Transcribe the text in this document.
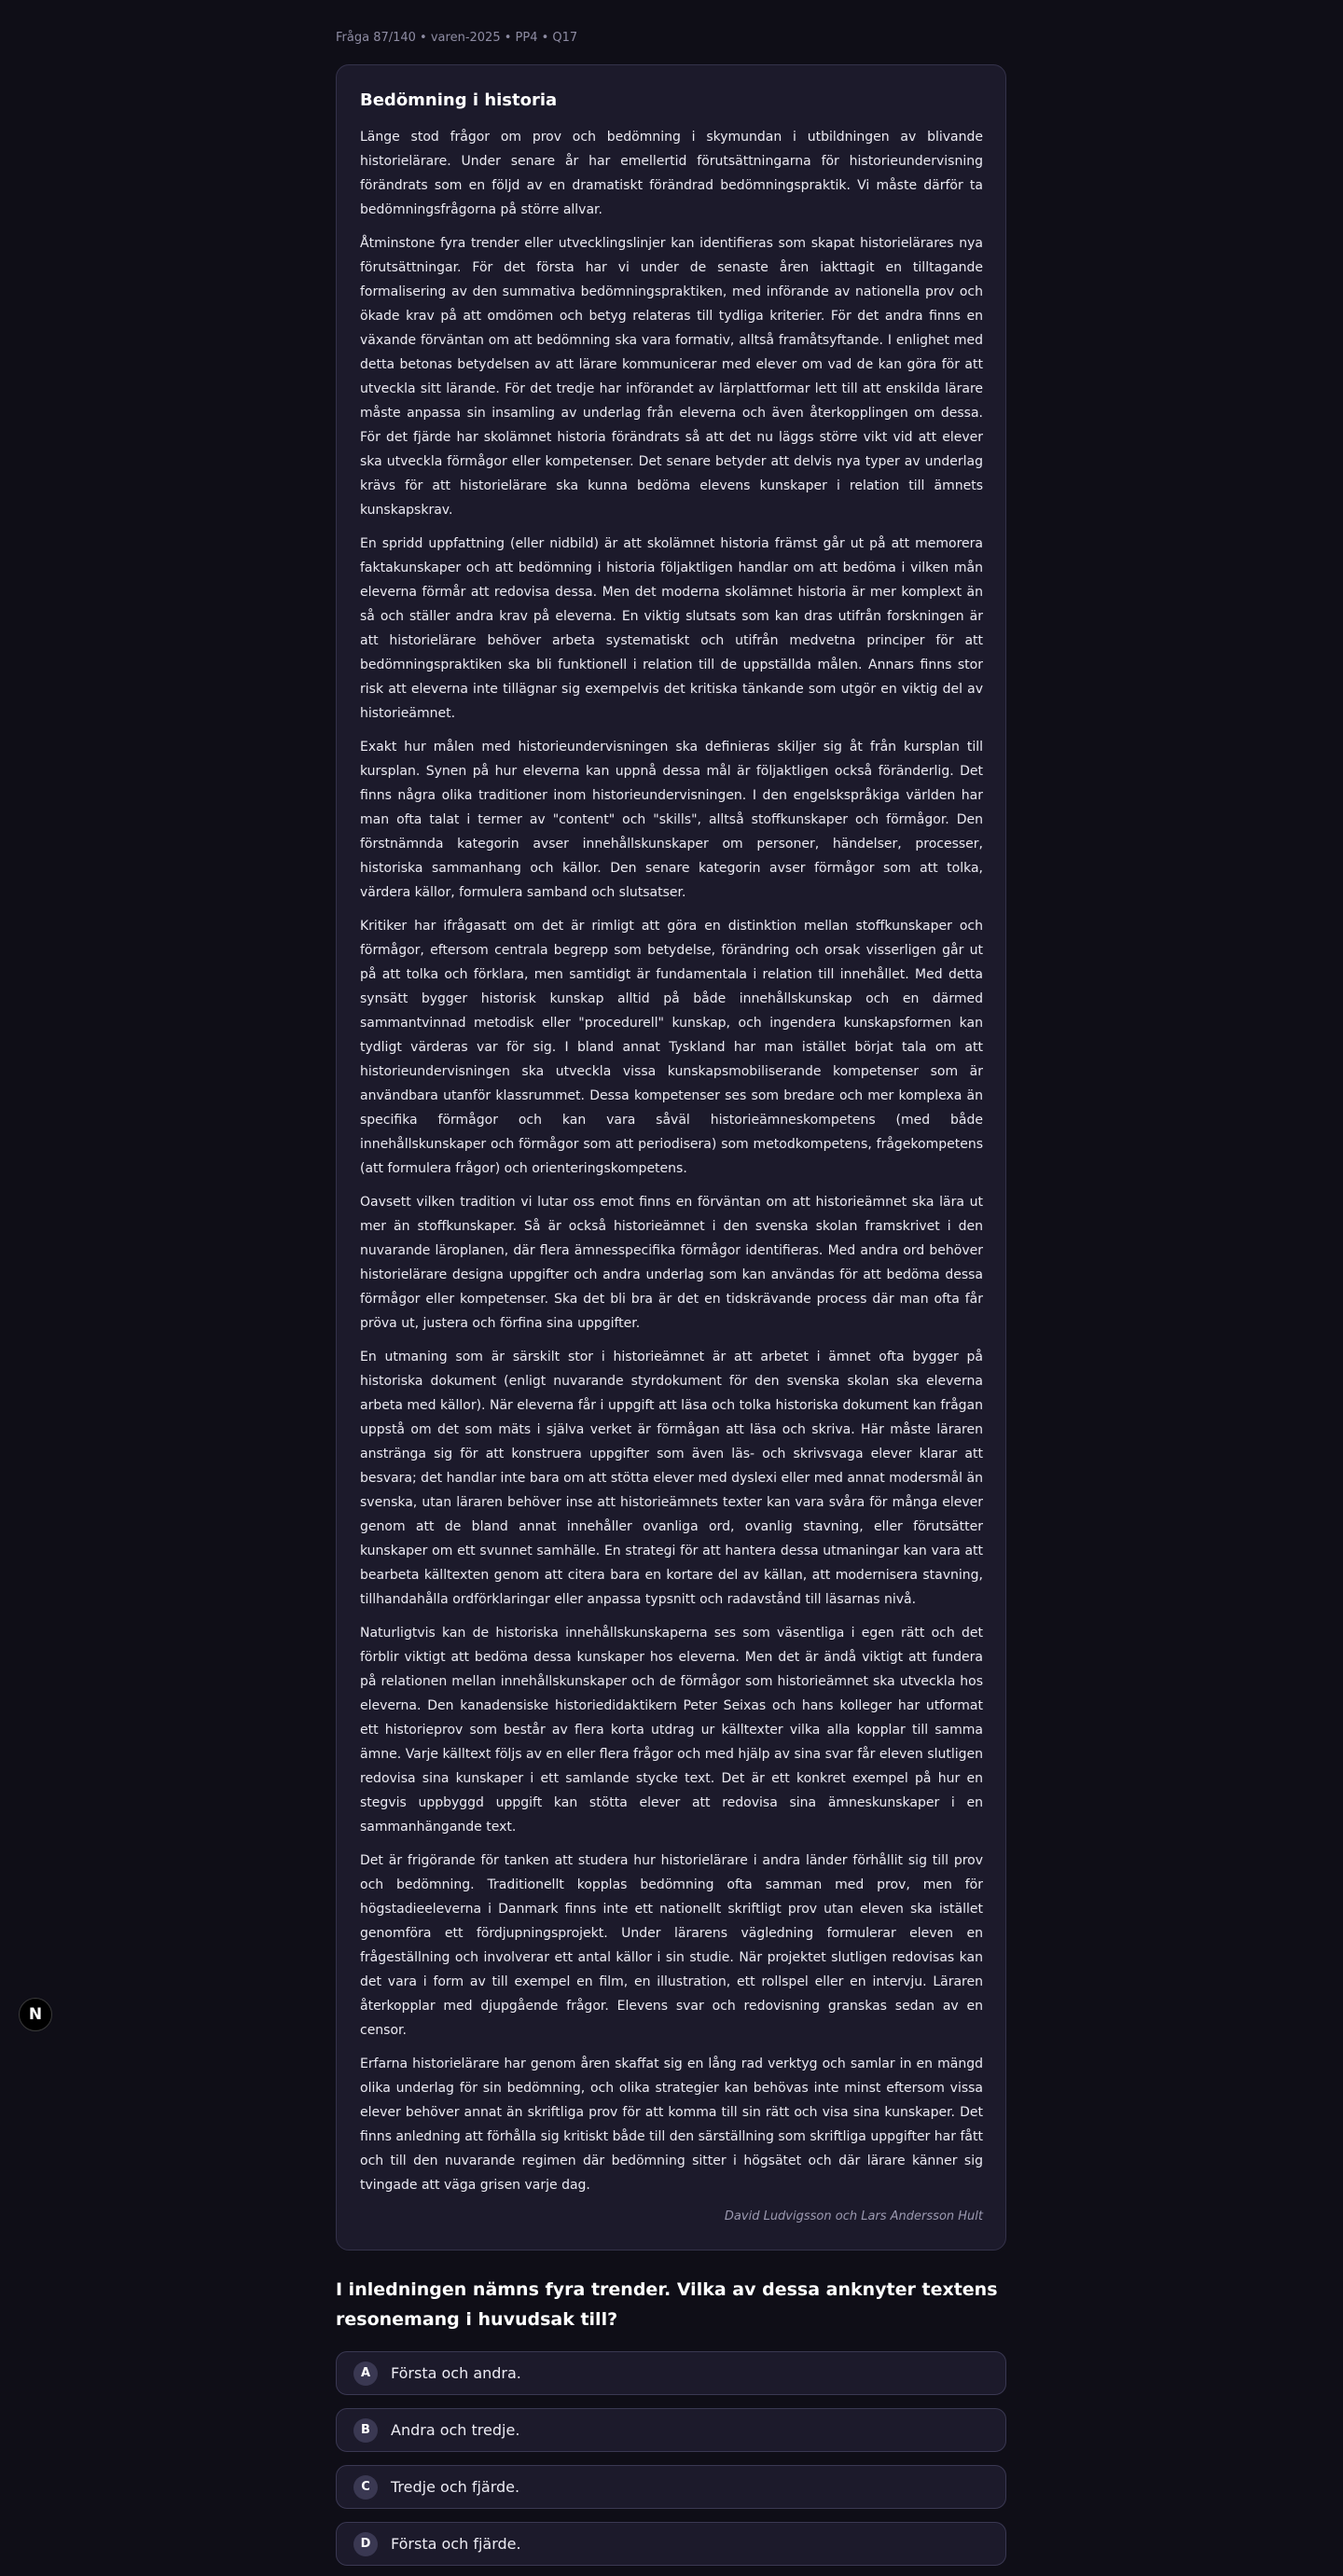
Fråga 87/140 • varen-2025 • PP4 • Q17
Bedömning i historia

Länge stod frågor om prov och bedömning i skymundan i utbildningen av blivande historielärare. Under senare år har emellertid förutsättningarna för historieundervisning förändrats som en följd av en dramatiskt förändrad bedömningspraktik. Vi måste därför ta bedömningsfrågorna på större allvar.

Åtminstone fyra trender eller utvecklingslinjer kan identifieras som skapat historielärares nya förutsättningar. För det första har vi under de senaste åren iakttagit en tilltagande formalisering av den summativa bedömningspraktiken, med införande av nationella prov och ökade krav på att omdömen och betyg relateras till tydliga kriterier. För det andra finns en växande förväntan om att bedömning ska vara formativ, alltså framåtsyftande. I enlighet med detta betonas betydelsen av att lärare kommunicerar med elever om vad de kan göra för att utveckla sitt lärande. För det tredje har införandet av lärplattformar lett till att enskilda lärare måste anpassa sin insamling av underlag från eleverna och även återkopplingen om dessa. För det fjärde har skolämnet historia förändrats så att det nu läggs större vikt vid att elever ska utveckla förmågor eller kompetenser. Det senare betyder att delvis nya typer av underlag krävs för att historielärare ska kunna bedöma elevens kunskaper i relation till ämnets kunskapskrav.

En spridd uppfattning (eller nidbild) är att skolämnet historia främst går ut på att memorera faktakunskaper och att bedömning i historia följaktligen handlar om att bedöma i vilken mån eleverna förmår att redovisa dessa. Men det moderna skolämnet historia är mer komplext än så och ställer andra krav på eleverna. En viktig slutsats som kan dras utifrån forskningen är att historielärare behöver arbeta systematiskt och utifrån medvetna principer för att bedömningspraktiken ska bli funktionell i relation till de uppställda målen. Annars finns stor risk att eleverna inte tillägnar sig exempelvis det kritiska tänkande som utgör en viktig del av historieämnet.

Exakt hur målen med historieundervisningen ska definieras skiljer sig åt från kursplan till kursplan. Synen på hur eleverna kan uppnå dessa mål är följaktligen också föränderlig. Det finns några olika traditioner inom historieundervisningen. I den engelskspråkiga världen har man ofta talat i termer av "content" och "skills", alltså stoffkunskaper och förmågor. Den förstnämnda kategorin avser innehållskunskaper om personer, händelser, processer, historiska sammanhang och källor. Den senare kategorin avser förmågor som att tolka, värdera källor, formulera samband och slutsatser.

Kritiker har ifrågasatt om det är rimligt att göra en distinktion mellan stoffkunskaper och förmågor, eftersom centrala begrepp som betydelse, förändring och orsak visserligen går ut på att tolka och förklara, men samtidigt är fundamentala i relation till innehållet. Med detta synsätt bygger historisk kunskap alltid på både innehållskunskap och en därmed sammantvinnad metodisk eller "procedurell" kunskap, och ingendera kunskapsformen kan tydligt värderas var för sig. I bland annat Tyskland har man istället börjat tala om att historieundervisningen ska utveckla vissa kunskapsmobiliserande kompetenser som är användbara utanför klassrummet. Dessa kompetenser ses som bredare och mer komplexa än specifika förmågor och kan vara såväl historieämneskompetens (med både innehållskunskaper och förmågor som att periodisera) som metodkompetens, frågekompetens (att formulera frågor) och orienteringskompetens.

Oavsett vilken tradition vi lutar oss emot finns en förväntan om att historieämnet ska lära ut mer än stoffkunskaper. Så är också historieämnet i den svenska skolan framskrivet i den nuvarande läroplanen, där flera ämnesspecifika förmågor identifieras. Med andra ord behöver historielärare designa uppgifter och andra underlag som kan användas för att bedöma dessa förmågor eller kompetenser. Ska det bli bra är det en tidskrävande process där man ofta får pröva ut, justera och förfina sina uppgifter.

En utmaning som är särskilt stor i historieämnet är att arbetet i ämnet ofta bygger på historiska dokument (enligt nuvarande styrdokument för den svenska skolan ska eleverna arbeta med källor). När eleverna får i uppgift att läsa och tolka historiska dokument kan frågan uppstå om det som mäts i själva verket är förmågan att läsa och skriva. Här måste läraren anstränga sig för att konstruera uppgifter som även läs- och skrivsvaga elever klarar att besvara; det handlar inte bara om att stötta elever med dyslexi eller med annat modersmål än svenska, utan läraren behöver inse att historieämnets texter kan vara svåra för många elever genom att de bland annat innehåller ovanliga ord, ovanlig stavning, eller förutsätter kunskaper om ett svunnet samhälle. En strategi för att hantera dessa utmaningar kan vara att bearbeta källtexten genom att citera bara en kortare del av källan, att modernisera stavning, tillhandahålla ordförklaringar eller anpassa typsnitt och radavstånd till läsarnas nivå.

Naturligtvis kan de historiska innehållskunskaperna ses som väsentliga i egen rätt och det förblir viktigt att bedöma dessa kunskaper hos eleverna. Men det är ändå viktigt att fundera på relationen mellan innehållskunskaper och de förmågor som historieämnet ska utveckla hos eleverna. Den kanadensiske historiedidaktikern Peter Seixas och hans kolleger har utformat ett historieprov som består av flera korta utdrag ur källtexter vilka alla kopplar till samma ämne. Varje källtext följs av en eller flera frågor och med hjälp av sina svar får eleven slutligen redovisa sina kunskaper i ett samlande stycke text. Det är ett konkret exempel på hur en stegvis uppbyggd uppgift kan stötta elever att redovisa sina ämneskunskaper i en sammanhängande text.

Det är frigörande för tanken att studera hur historielärare i andra länder förhållit sig till prov och bedömning. Traditionellt kopplas bedömning ofta samman med prov, men för högstadieeleverna i Danmark finns inte ett nationellt skriftligt prov utan eleven ska istället genomföra ett fördjupningsprojekt. Under lärarens vägledning formulerar eleven en frågeställning och involverar ett antal källor i sin studie. När projektet slutligen redovisas kan det vara i form av till exempel en film, en illustration, ett rollspel eller en intervju. Läraren återkopplar med djupgående frågor. Elevens svar och redovisning granskas sedan av en censor.

Erfarna historielärare har genom åren skaffat sig en lång rad verktyg och samlar in en mängd olika underlag för sin bedömning, och olika strategier kan behövas inte minst eftersom vissa elever behöver annat än skriftliga prov för att komma till sin rätt och visa sina kunskaper. Det finns anledning att förhålla sig kritiskt både till den särställning som skriftliga uppgifter har fått och till den nuvarande regimen där bedömning sitter i högsätet och där lärare känner sig tvingade att väga grisen varje dag.

David Ludvigsson och Lars Andersson Hult
I inledningen nämns fyra trender. Vilka av dessa anknyter textens resonemang i huvudsak till?
A	Första och andra.
B	Andra och tredje.
C	Tredje och fjärde.
D	Första och fjärde.
N
